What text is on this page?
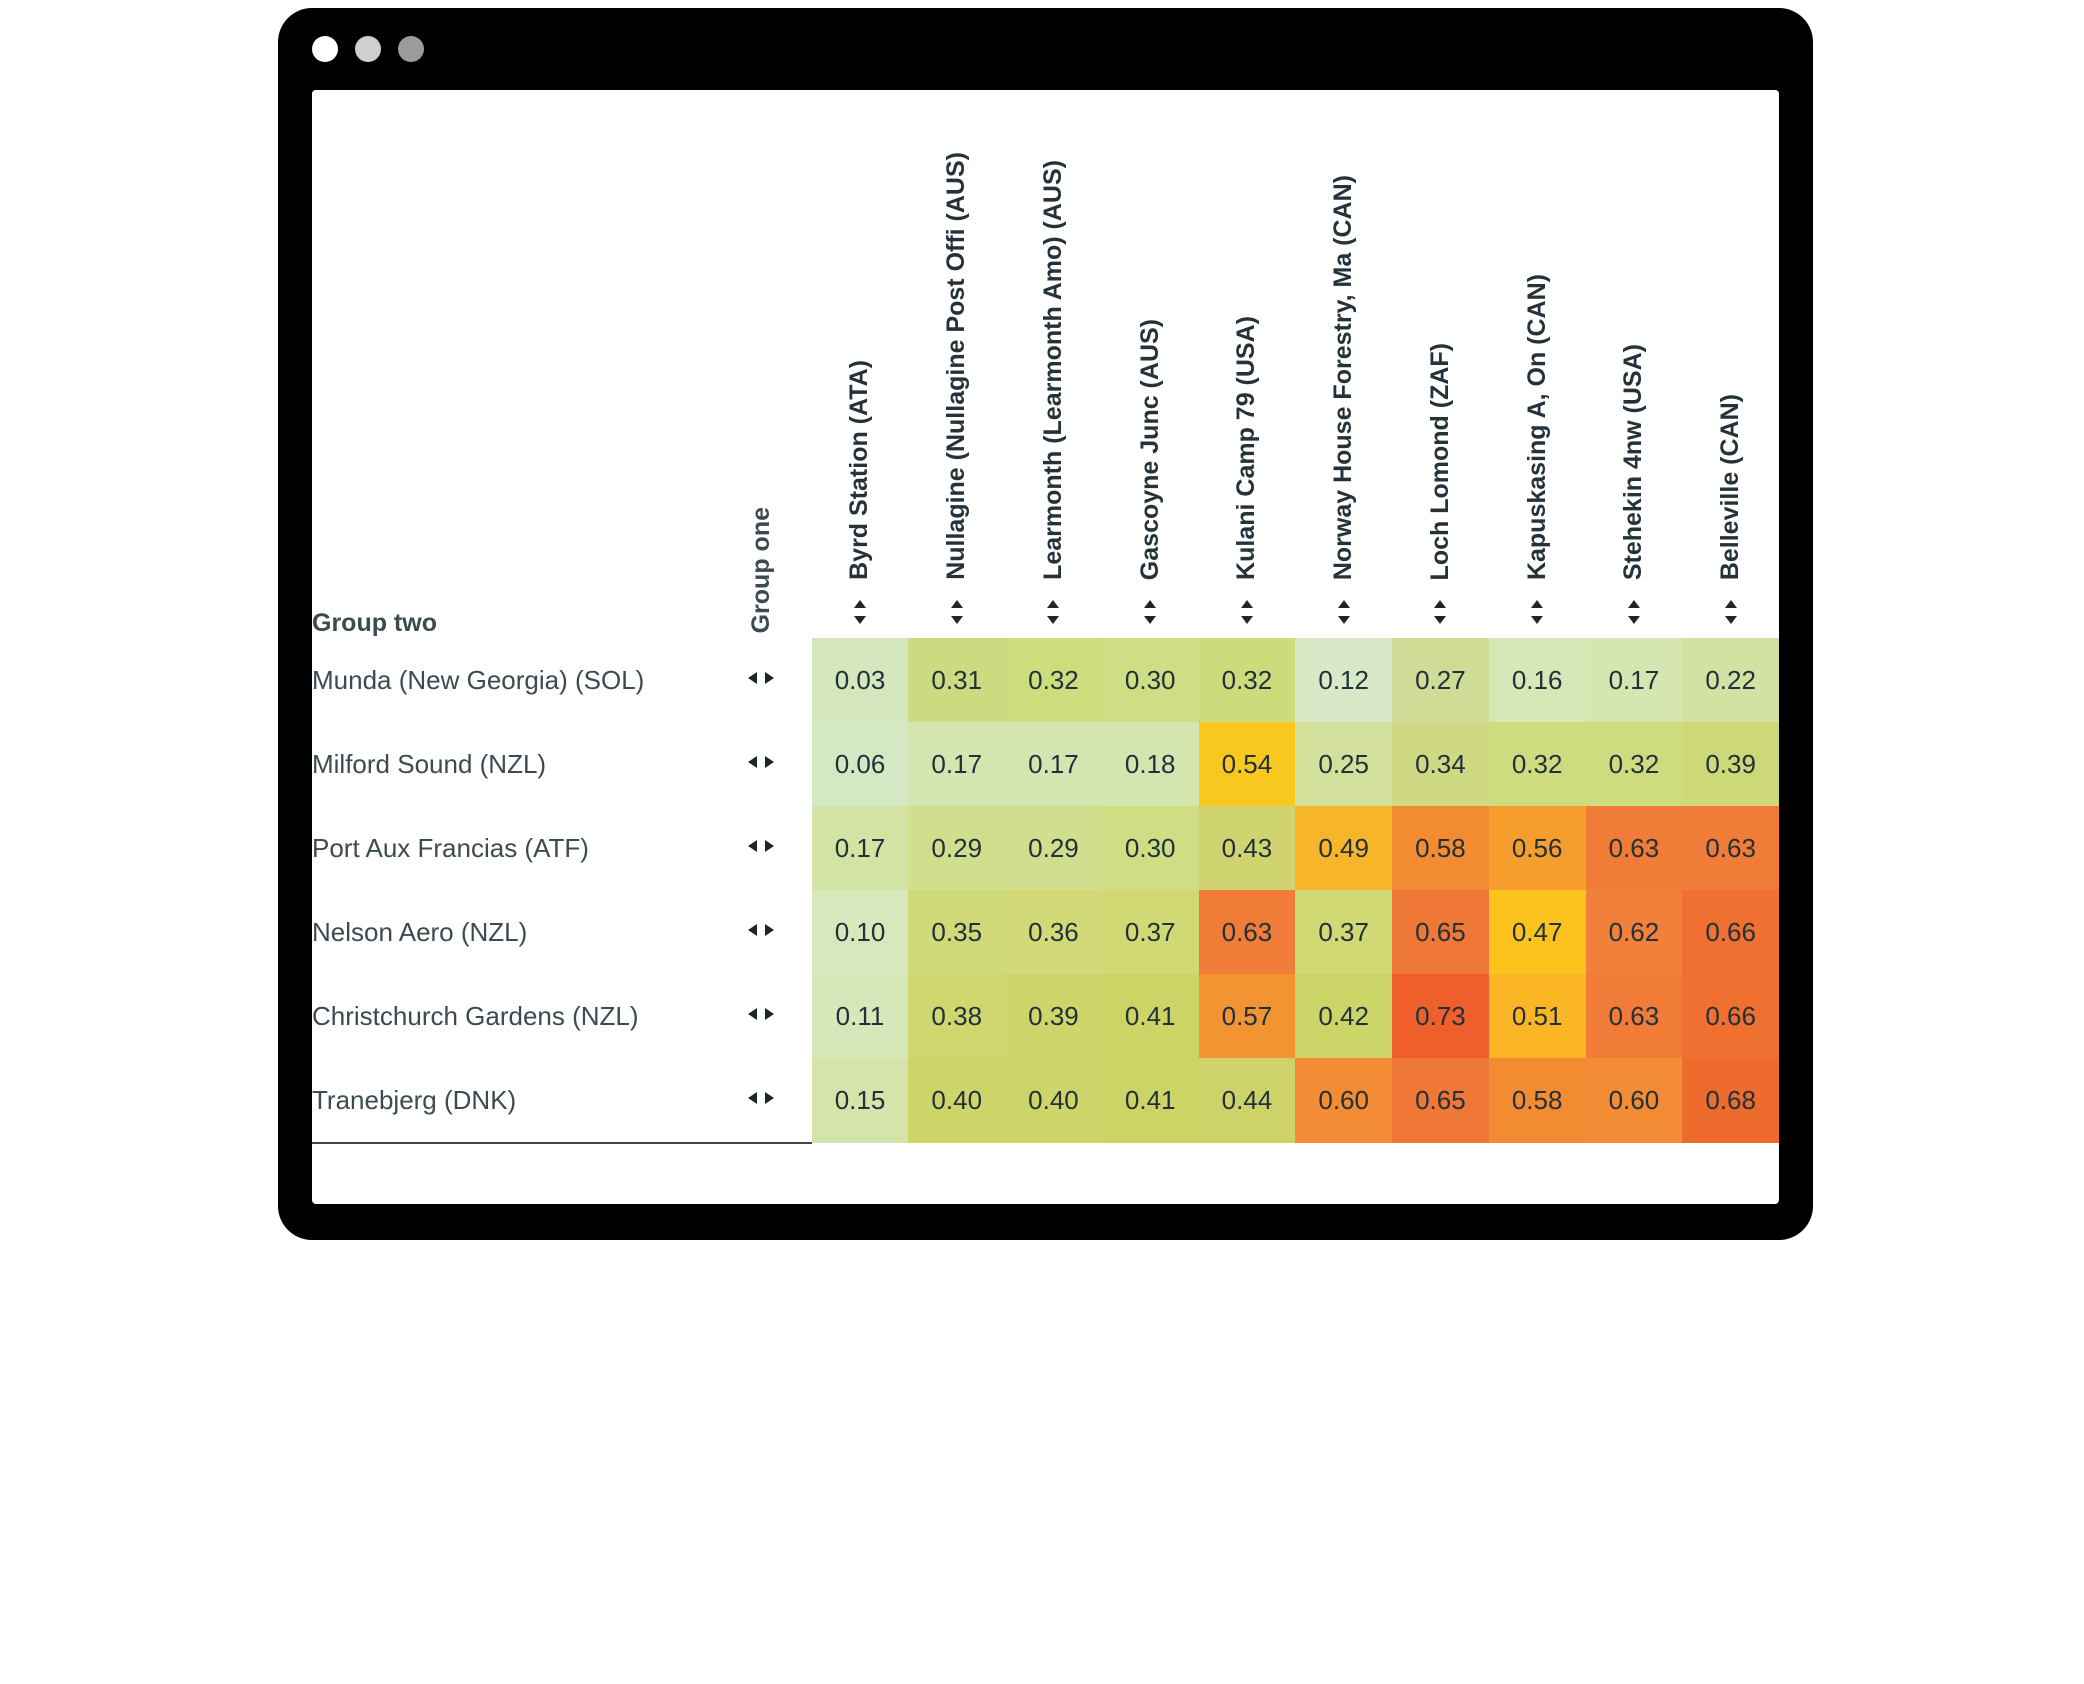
Group two	Group one	Byrd Station (ATA)	Nullagine (Nullagine Post Offi (AUS)	Learmonth (Learmonth Amo) (AUS)	Gascoyne Junc (AUS)	Kulani Camp 79 (USA)	Norway House Forestry, Ma (CAN)	Loch Lomond (ZAF)	Kapuskasing A, On (CAN)	Stehekin 4nw (USA)	Belleville (CAN)

Munda (New Georgia) (SOL)		0.03	0.31	0.32	0.30	0.32	0.12	0.27	0.16	0.17	0.22
Milford Sound (NZL)		0.06	0.17	0.17	0.18	0.54	0.25	0.34	0.32	0.32	0.39
Port Aux Francias (ATF)		0.17	0.29	0.29	0.30	0.43	0.49	0.58	0.56	0.63	0.63
Nelson Aero (NZL)		0.10	0.35	0.36	0.37	0.63	0.37	0.65	0.47	0.62	0.66
Christchurch Gardens (NZL)		0.11	0.38	0.39	0.41	0.57	0.42	0.73	0.51	0.63	0.66
Tranebjerg (DNK)		0.15	0.40	0.40	0.41	0.44	0.60	0.65	0.58	0.60	0.68
